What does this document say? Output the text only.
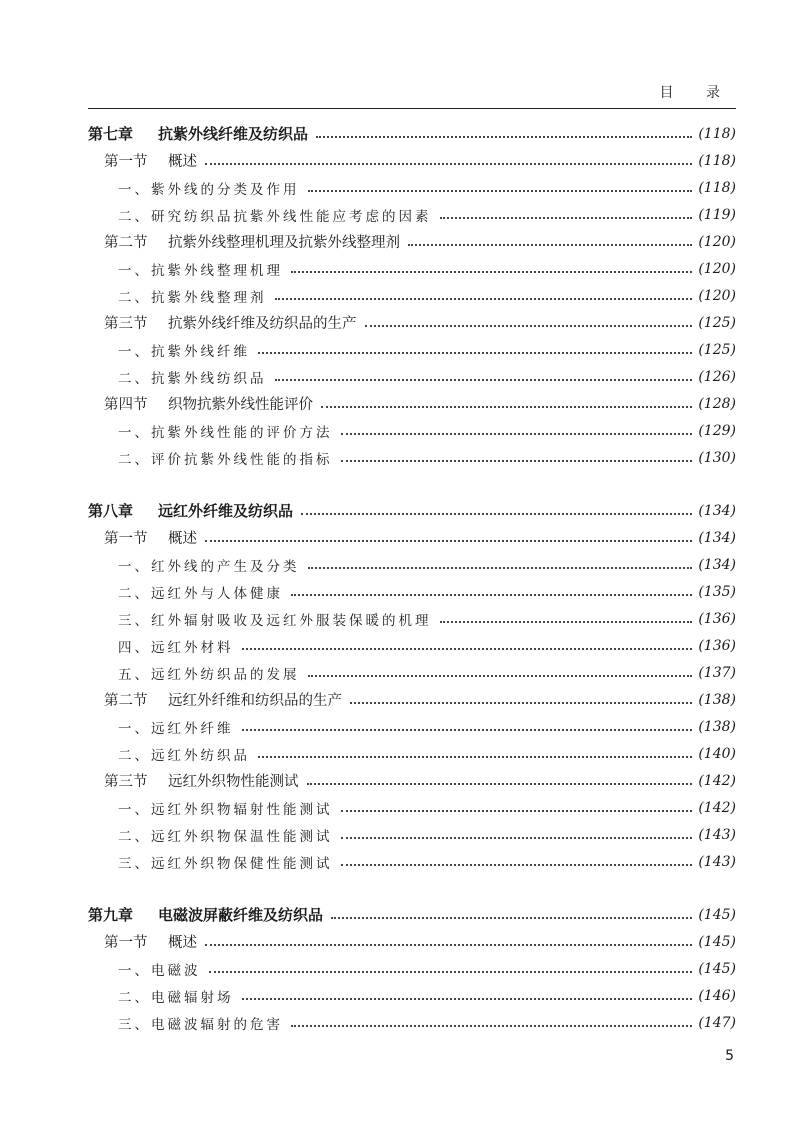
目 录
第七章	抗紫外线纤维及纺织品	(118)
第一节	概述	(118)
一、紫外线的分类及作用	(118)
二、研究纺织品抗紫外线性能应考虑的因素	(119)
第二节	抗紫外线整理机理及抗紫外线整理剂	(120)
一、抗紫外线整理机理	(120)
二、抗紫外线整理剂	(120)
第三节	抗紫外线纤维及纺织品的生产	(125)
一、抗紫外线纤维	(125)
二、抗紫外线纺织品	(126)
第四节	织物抗紫外线性能评价	(128)
一、抗紫外线性能的评价方法	(129)
二、评价抗紫外线性能的指标	(130)
第八章	远红外纤维及纺织品	(134)
第一节	概述	(134)
一、红外线的产生及分类	(134)
二、远红外与人体健康	(135)
三、红外辐射吸收及远红外服装保暖的机理	(136)
四、远红外材料	(136)
五、远红外纺织品的发展	(137)
第二节	远红外纤维和纺织品的生产	(138)
一、远红外纤维	(138)
二、远红外纺织品	(140)
第三节	远红外织物性能测试	(142)
一、远红外织物辐射性能测试	(142)
二、远红外织物保温性能测试	(143)
三、远红外织物保健性能测试	(143)
第九章	电磁波屏蔽纤维及纺织品	(145)
第一节	概述	(145)
一、电磁波	(145)
二、电磁辐射场	(146)
三、电磁波辐射的危害	(147)
5
